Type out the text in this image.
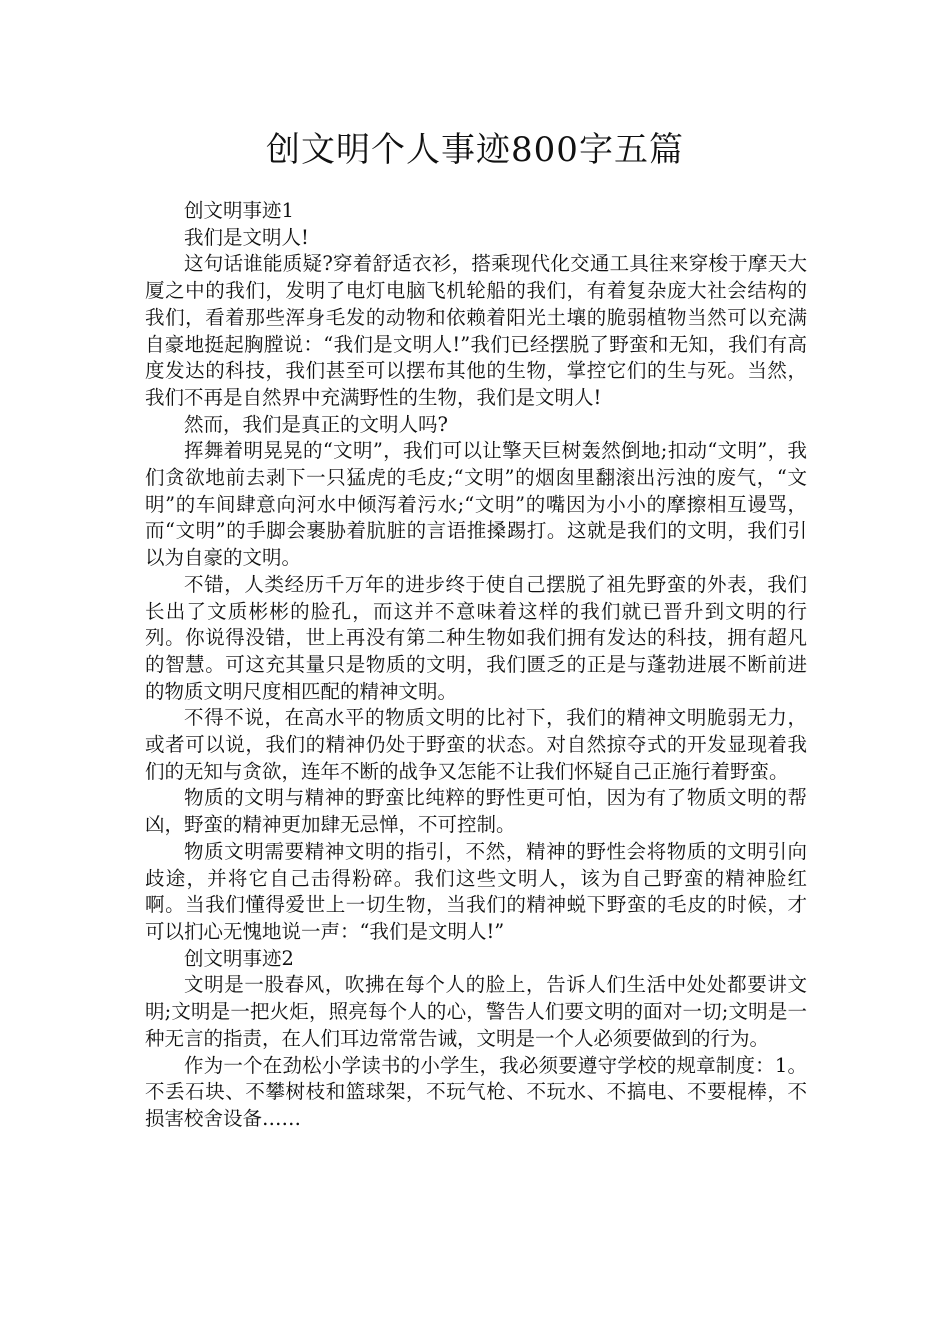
创文明个人事迹800字五篇

创文明事迹1

我们是文明人!

这句话谁能质疑?穿着舒适衣衫，搭乘现代化交通工具往来穿梭于摩天大厦之中的我们，发明了电灯电脑飞机轮船的我们，有着复杂庞大社会结构的我们，看着那些浑身毛发的动物和依赖着阳光土壤的脆弱植物当然可以充满自豪地挺起胸膛说：“我们是文明人!”我们已经摆脱了野蛮和无知，我们有高度发达的科技，我们甚至可以摆布其他的生物，掌控它们的生与死。当然，我们不再是自然界中充满野性的生物，我们是文明人!

然而，我们是真正的文明人吗?

挥舞着明晃晃的“文明”，我们可以让擎天巨树轰然倒地;扣动“文明”，我们贪欲地前去剥下一只猛虎的毛皮;“文明”的烟囱里翻滚出污浊的废气，“文明”的车间肆意向河水中倾泻着污水;“文明”的嘴因为小小的摩擦相互谩骂，而“文明”的手脚会裹胁着肮脏的言语推搡踢打。这就是我们的文明，我们引以为自豪的文明。

不错，人类经历千万年的进步终于使自己摆脱了祖先野蛮的外表，我们长出了文质彬彬的脸孔，而这并不意味着这样的我们就已晋升到文明的行列。你说得没错，世上再没有第二种生物如我们拥有发达的科技，拥有超凡的智慧。可这充其量只是物质的文明，我们匮乏的正是与蓬勃进展不断前进的物质文明尺度相匹配的精神文明。

不得不说，在高水平的物质文明的比衬下，我们的精神文明脆弱无力，或者可以说，我们的精神仍处于野蛮的状态。对自然掠夺式的开发显现着我们的无知与贪欲，连年不断的战争又怎能不让我们怀疑自己正施行着野蛮。

物质的文明与精神的野蛮比纯粹的野性更可怕，因为有了物质文明的帮凶，野蛮的精神更加肆无忌惮，不可控制。

物质文明需要精神文明的指引，不然，精神的野性会将物质的文明引向歧途，并将它自己击得粉碎。我们这些文明人，该为自己野蛮的精神脸红啊。当我们懂得爱世上一切生物，当我们的精神蜕下野蛮的毛皮的时候，才可以扪心无愧地说一声：“我们是文明人!”

创文明事迹2

文明是一股春风，吹拂在每个人的脸上，告诉人们生活中处处都要讲文明;文明是一把火炬，照亮每个人的心，警告人们要文明的面对一切;文明是一种无言的指责，在人们耳边常常告诫，文明是一个人必须要做到的行为。

作为一个在劲松小学读书的小学生，我必须要遵守学校的规章制度：1。不丢石块、不攀树枝和篮球架，不玩气枪、不玩水、不搞电、不要棍棒，不损害校舍设备……
